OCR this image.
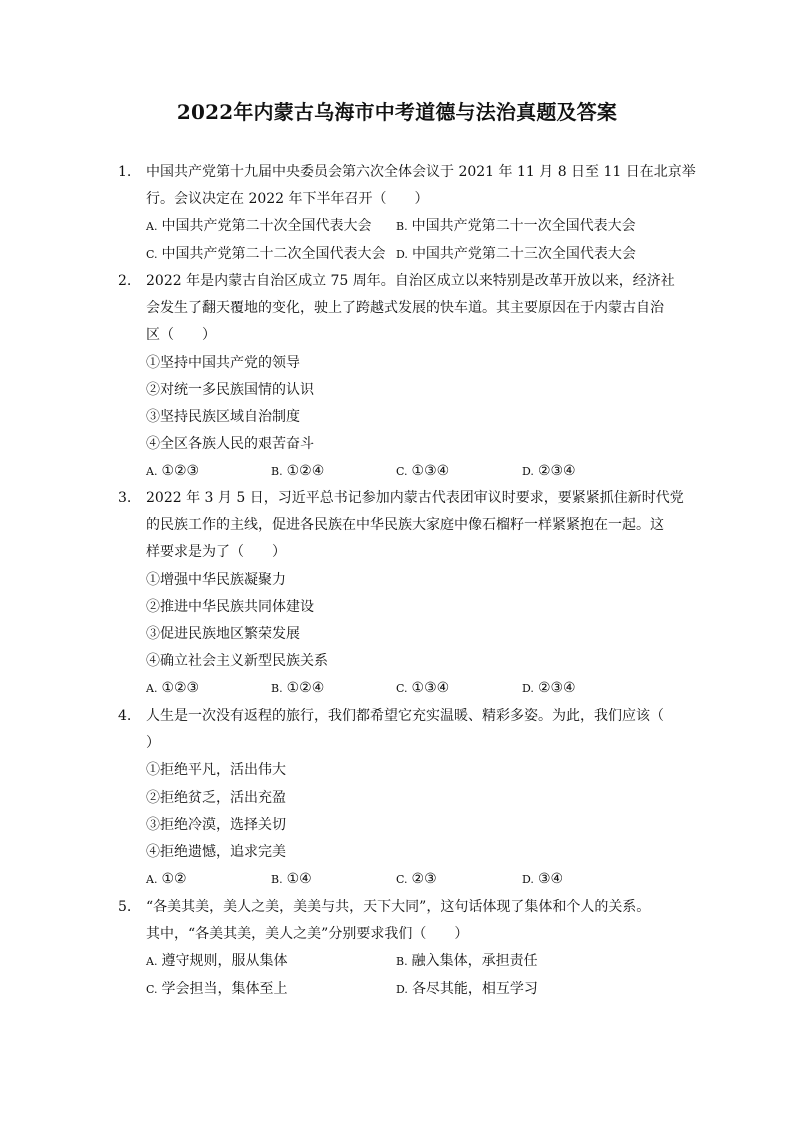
2022年内蒙古乌海市中考道德与法治真题及答案
1.	中国共产党第十九届中央委员会第六次全体会议于 2021 年 11 月 8 日至 11 日在北京举
行。会议决定在 2022 年下半年召开（　　）
A. 中国共产党第二十次全国代表大会 B. 中国共产党第二十一次全国代表大会
C. 中国共产党第二十二次全国代表大会 D. 中国共产党第二十三次全国代表大会
2.	2022 年是内蒙古自治区成立 75 周年。自治区成立以来特别是改革开放以来，经济社
会发生了翻天覆地的变化，驶上了跨越式发展的快车道。其主要原因在于内蒙古自治
区（　　）
①坚持中国共产党的领导
②对统一多民族国情的认识
③坚持民族区域自治制度
④全区各族人民的艰苦奋斗
A. ①②③	B. ①②④	C. ①③④	D. ②③④
3.	2022 年 3 月 5 日，习近平总书记参加内蒙古代表团审议时要求，要紧紧抓住新时代党
的民族工作的主线，促进各民族在中华民族大家庭中像石榴籽一样紧紧抱在一起。这
样要求是为了（　　）
①增强中华民族凝聚力
②推进中华民族共同体建设
③促进民族地区繁荣发展
④确立社会主义新型民族关系
A. ①②③	B. ①②④	C. ①③④	D. ②③④
4.	人生是一次没有返程的旅行，我们都希望它充实温暖、精彩多姿。为此，我们应该（
）
①拒绝平凡，活出伟大
②拒绝贫乏，活出充盈
③拒绝冷漠，选择关切
④拒绝遗憾，追求完美
A. ①②	B. ①④	C. ②③	D. ③④
5.	“各美其美，美人之美，美美与共，天下大同”，这句话体现了集体和个人的关系。
其中，“各美其美，美人之美”分别要求我们（　　）
A. 遵守规则，服从集体	B. 融入集体，承担责任
C. 学会担当，集体至上	D. 各尽其能，相互学习
